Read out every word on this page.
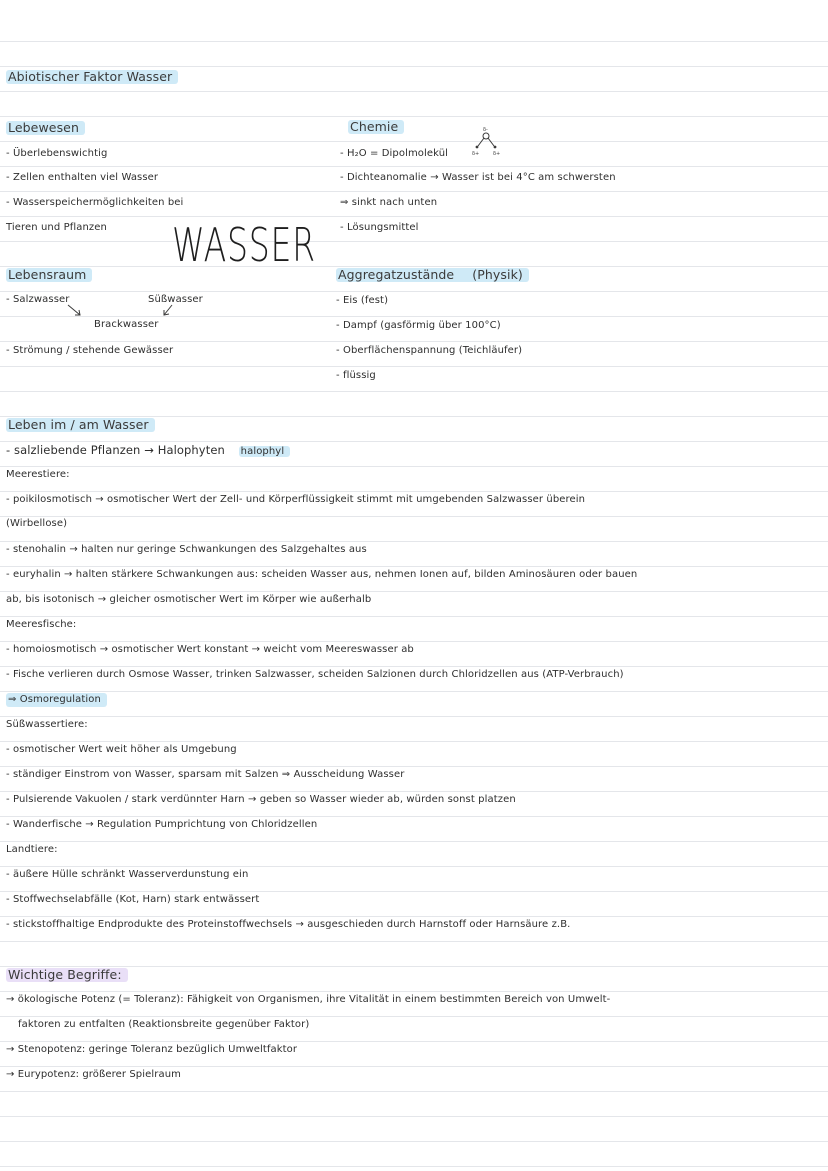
Abiotischer Faktor Wasser
Lebewesen
- Überlebenswichtig
- Zellen enthalten viel Wasser
- Wasserspeichermöglichkeiten bei
Tieren und Pflanzen
Chemie
- H₂O = Dipolmolekül
- Dichteanomalie → Wasser ist bei 4°C am schwersten
⇒ sinkt nach unten
- Lösungsmittel
δ-
δ+	δ+
WASSER
Lebensraum
- Salzwasser	Süßwasser
Brackwasser
- Strömung / stehende Gewässer
Aggregatzustände (Physik)
- Eis (fest)
- Dampf (gasförmig über 100°C)
- Oberflächenspannung (Teichläufer)
- flüssig
Leben im / am Wasser
- salzliebende Pflanzen → Halophyten halophyl
Meerestiere:
- poikilosmotisch → osmotischer Wert der Zell- und Körperflüssigkeit stimmt mit umgebenden Salzwasser überein
(Wirbellose)
- stenohalin → halten nur geringe Schwankungen des Salzgehaltes aus
- euryhalin → halten stärkere Schwankungen aus: scheiden Wasser aus, nehmen Ionen auf, bilden Aminosäuren oder bauen
ab, bis isotonisch → gleicher osmotischer Wert im Körper wie außerhalb
Meeresfische:
- homoiosmotisch → osmotischer Wert konstant → weicht vom Meereswasser ab
- Fische verlieren durch Osmose Wasser, trinken Salzwasser, scheiden Salzionen durch Chloridzellen aus (ATP-Verbrauch)
⇒ Osmoregulation
Süßwassertiere:
- osmotischer Wert weit höher als Umgebung
- ständiger Einstrom von Wasser, sparsam mit Salzen ⇒ Ausscheidung Wasser
- Pulsierende Vakuolen / stark verdünnter Harn → geben so Wasser wieder ab, würden sonst platzen
- Wanderfische → Regulation Pumprichtung von Chloridzellen
Landtiere:
- äußere Hülle schränkt Wasserverdunstung ein
- Stoffwechselabfälle (Kot, Harn) stark entwässert
- stickstoffhaltige Endprodukte des Proteinstoffwechsels → ausgeschieden durch Harnstoff oder Harnsäure z.B.
Wichtige Begriffe:
→ ökologische Potenz (= Toleranz): Fähigkeit von Organismen, ihre Vitalität in einem bestimmten Bereich von Umwelt-
faktoren zu entfalten (Reaktionsbreite gegenüber Faktor)
→ Stenopotenz: geringe Toleranz bezüglich Umweltfaktor
→ Eurypotenz: größerer Spielraum
